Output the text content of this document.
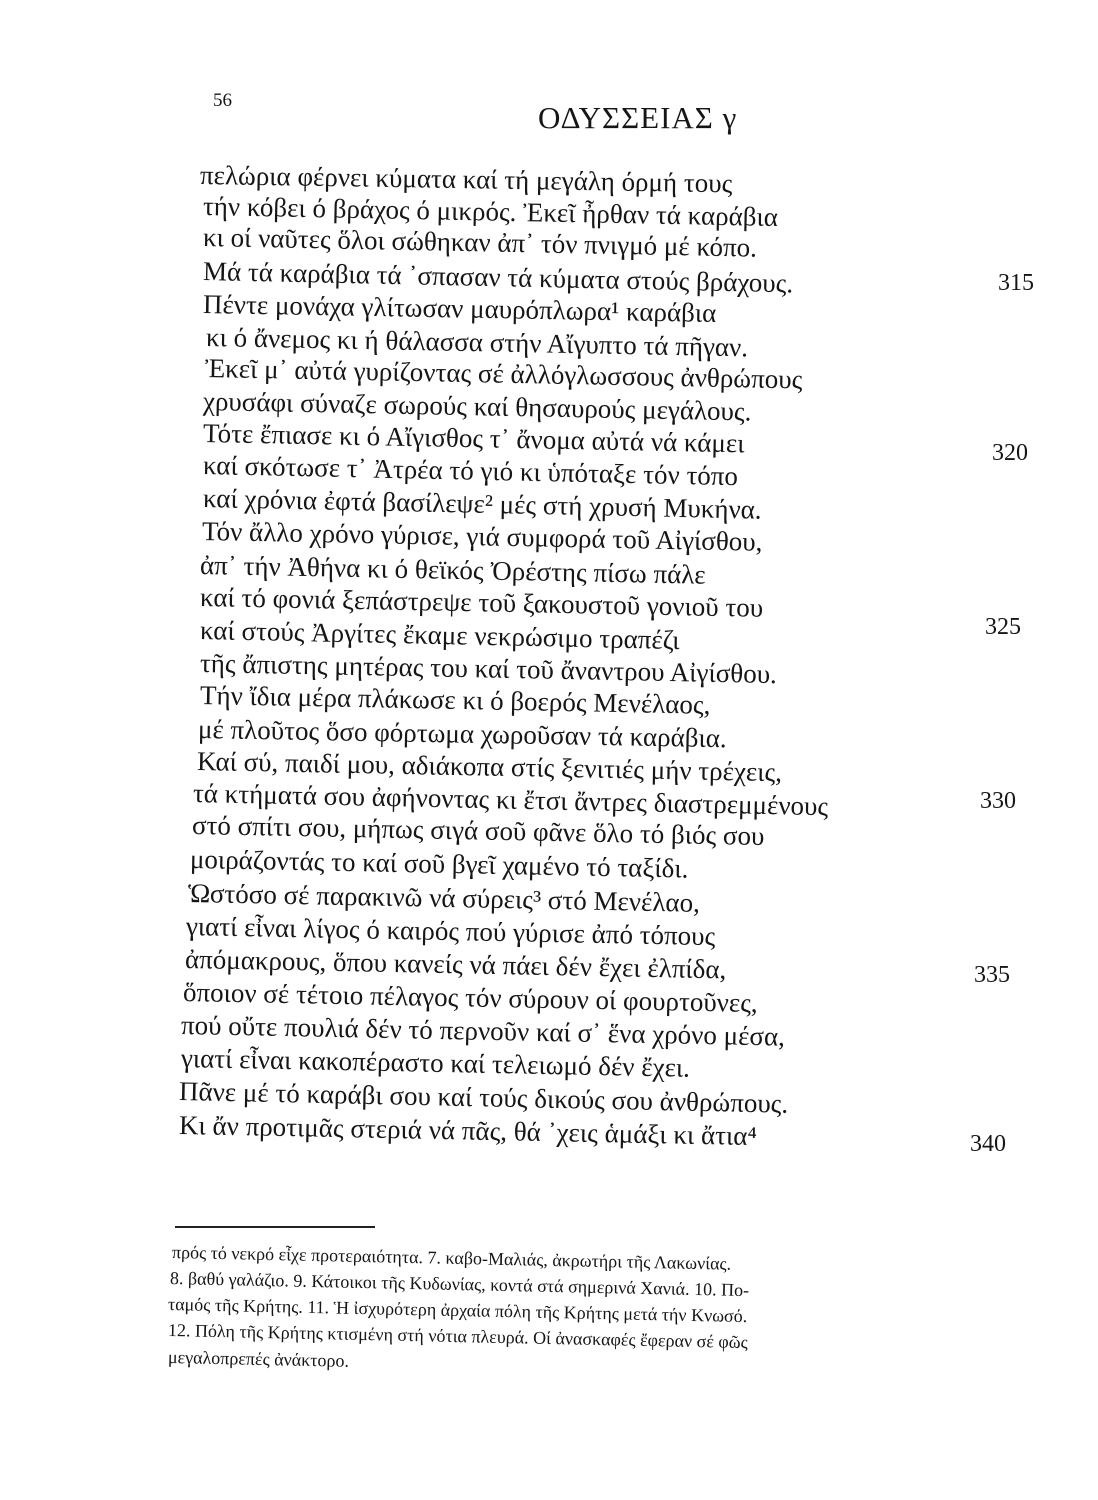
56	ΟΔΥΣΣΕΙΑΣ γ
πελώρια φέρνει κύματα καί τή μεγάλη όρμή τους
τήν κόβει ό βράχος ό μικρός. Ἐκεῖ ἦρθαν τά καράβια
κι οί ναῦτες ὅλοι σώθηκαν ἀπ᾽ τόν πνιγμό μέ κόπο.
Μά τά καράβια τά ᾽σπασαν τά κύματα στούς βράχους.
Πέντε μονάχα γλίτωσαν μαυρόπλωρα¹ καράβια
κι ό ἄνεμος κι ή θάλασσα στήν Αἴγυπτο τά πῆγαν.
Ἐκεῖ μ᾽ αὐτά γυρίζοντας σέ ἀλλόγλωσσους ἀνθρώπους
χρυσάφι σύναζε σωρούς καί θησαυρούς μεγάλους.
Τότε ἔπιασε κι ό Αἴγισθος τ᾽ ἄνομα αὐτά νά κάμει
καί σκότωσε τ᾽ Ἀτρέα τό γιό κι ὑπόταξε τόν τόπο
καί χρόνια ἐφτά βασίλεψε² μές στή χρυσή Μυκήνα.
Τόν ἄλλο χρόνο γύρισε, γιά συμφορά τοῦ Αἰγίσθου,
ἀπ᾽ τήν Ἀθήνα κι ό θεϊκός Ὀρέστης πίσω πάλε
καί τό φονιά ξεπάστρεψε τοῦ ξακουστοῦ γονιοῦ του
καί στούς Ἀργίτες ἔκαμε νεκρώσιμο τραπέζι
τῆς ἄπιστης μητέρας του καί τοῦ ἄναντρου Αἰγίσθου.
Τήν ἴδια μέρα πλάκωσε κι ό βοερός Μενέλαος,
μέ πλοῦτος ὅσο φόρτωμα χωροῦσαν τά καράβια.
Καί σύ, παιδί μου, αδιάκοπα στίς ξενιτιές μήν τρέχεις,
τά κτήματά σου ἀφήνοντας κι ἔτσι ἄντρες διαστρεμμένους
στό σπίτι σου, μήπως σιγά σοῦ φᾶνε ὅλο τό βιός σου
μοιράζοντάς το καί σοῦ βγεῖ χαμένο τό ταξίδι.
Ὡστόσο σέ παρακινῶ νά σύρεις³ στό Μενέλαο,
γιατί εἶναι λίγος ό καιρός πού γύρισε ἀπό τόπους
ἀπόμακρους, ὅπου κανείς νά πάει δέν ἔχει ἐλπίδα,
ὅποιον σέ τέτοιο πέλαγος τόν σύρουν οί φουρτοῦνες,
πού οὔτε πουλιά δέν τό περνοῦν καί σ᾽ ἕνα χρόνο μέσα,
γιατί εἶναι κακοπέραστο καί τελειωμό δέν ἔχει.
Πᾶνε μέ τό καράβι σου καί τούς δικούς σου ἀνθρώπους.
Κι ἄν προτιμᾶς στεριά νά πᾶς, θά ᾽χεις ἁμάξι κι ἄτια⁴
315
320
325
330
335
340
πρός τό νεκρό εἶχε προτεραιότητα. 7. καβο-Μαλιάς, ἀκρωτήρι τῆς Λακωνίας.
8. βαθύ γαλάζιο. 9. Κάτοικοι τῆς Κυδωνίας, κοντά στά σημερινά Χανιά. 10. Πο-
ταμός τῆς Κρήτης. 11. Ἡ ἰσχυρότερη ἀρχαία πόλη τῆς Κρήτης μετά τήν Κνωσό.
12. Πόλη τῆς Κρήτης κτισμένη στή νότια πλευρά. Οί ἀνασκαφές ἔφεραν σέ φῶς
μεγαλοπρεπές ἀνάκτορο.
